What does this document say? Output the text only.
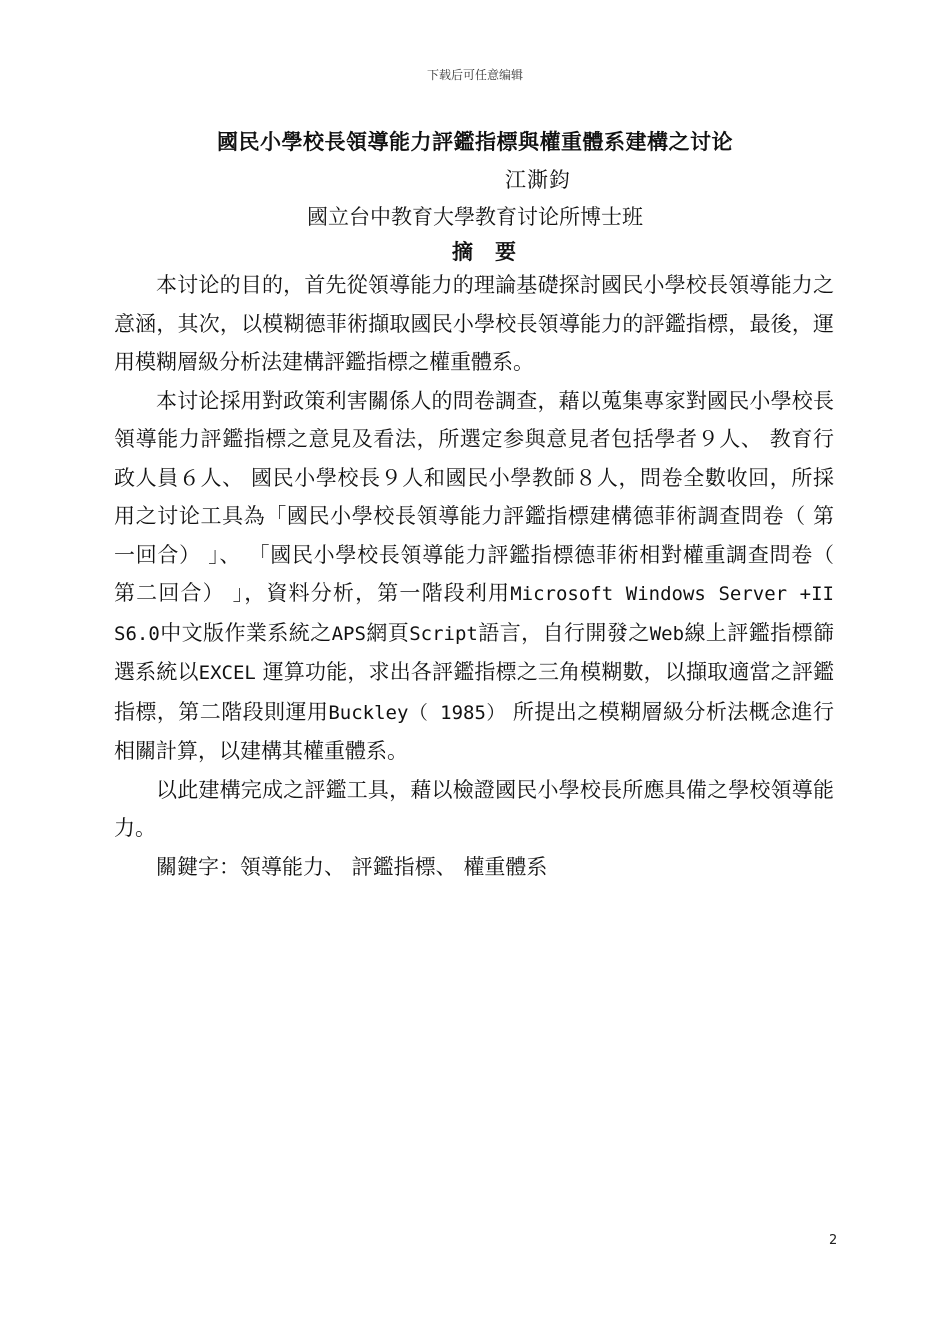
下载后可任意编辑
國民小學校長領導能力評鑑指標與權重體系建構之讨论
江澌鈞
國立台中教育大學教育讨论所博士班
摘要

本讨论的目的，首先從領導能力的理論基礎探討國民小學校長領導能力之意涵，其次，以模糊德菲術擷取國民小學校長領導能力的評鑑指標，最後，運用模糊層級分析法建構評鑑指標之權重體系。

本讨论採用對政策利害關係人的問卷調查，藉以蒐集專家對國民小學校長領導能力評鑑指標之意見及看法，所選定参與意見者包括學者９人、 教育行政人員６人、 國民小學校長９人和國民小學教師８人，問卷全數收回，所採用之讨论工具為「國民小學校長領導能力評鑑指標建構德菲術調查問卷（ 第一回合） 」、 「國民小學校長領導能力評鑑指標德菲術相對權重調查問卷（ 第二回合） 」，資料分析，第一階段利用Microsoft Windows Server +II S6.0中文版作業系統之APS網頁Script語言，自行開發之Web線上評鑑指標篩選系統以EXCEL 運算功能，求出各評鑑指標之三角模糊數，以擷取適當之評鑑指標，第二階段則運用Buckley（ 1985） 所提出之模糊層級分析法概念進行相關計算，以建構其權重體系。

以此建構完成之評鑑工具，藉以檢證國民小學校長所應具備之學校領導能力。

關鍵字：領導能力、 評鑑指標、 權重體系

2
